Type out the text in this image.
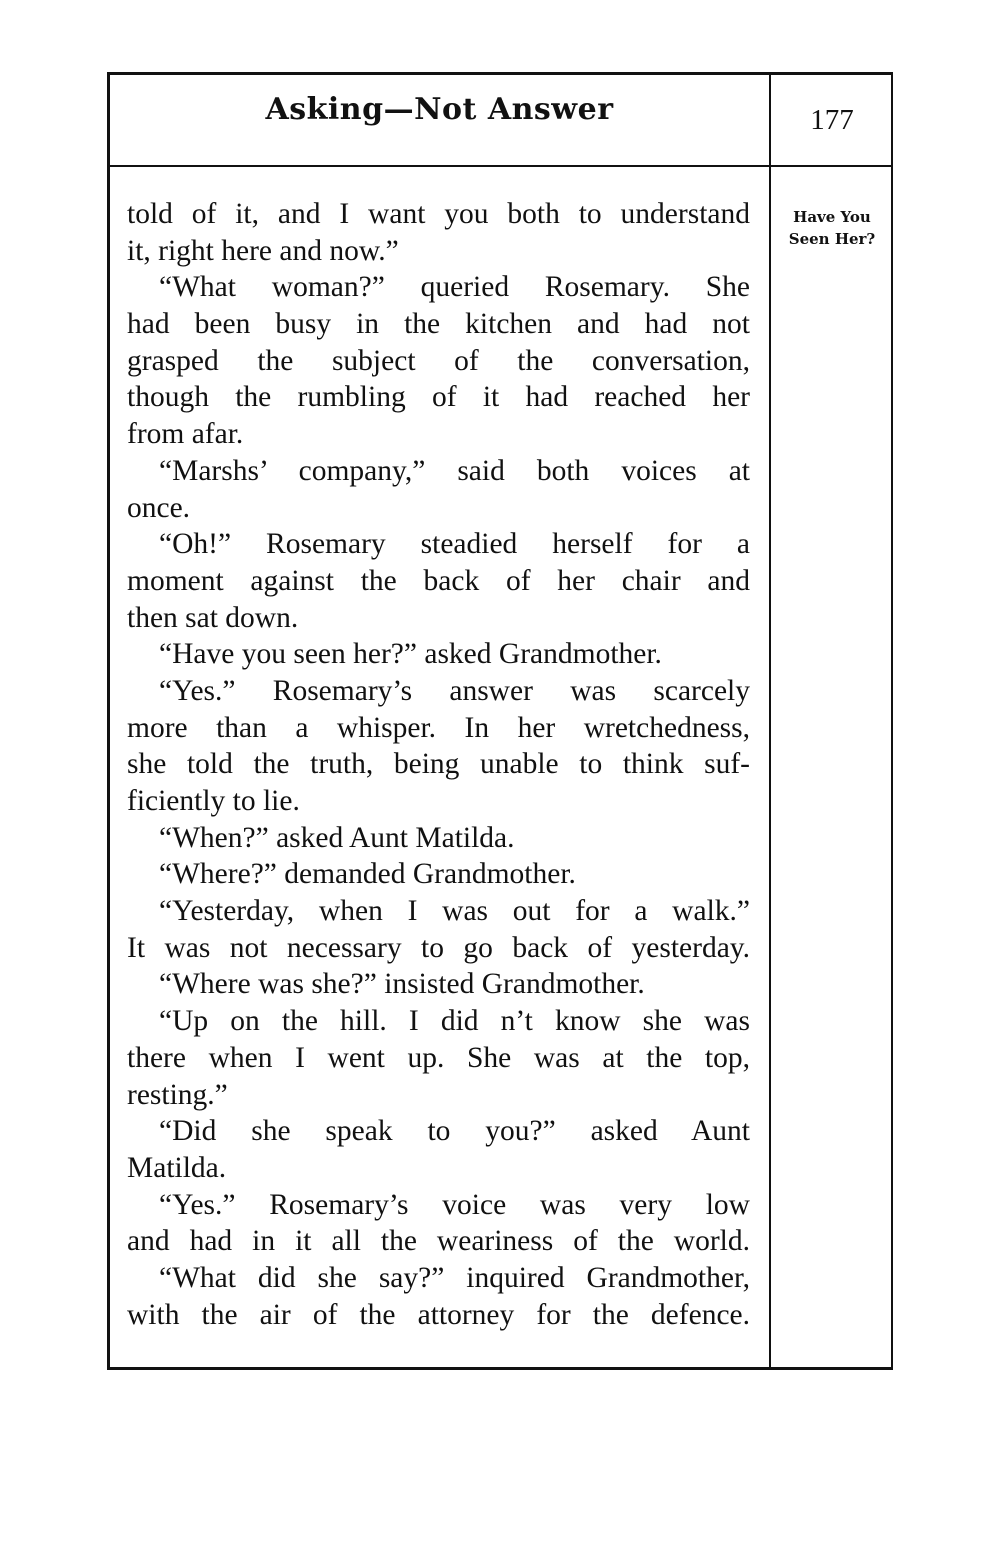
Asking—Not Answer	177
Have You
Seen Her?
told of it, and I want you both to understand
it, right here and now.”
“What woman?” queried Rosemary. She
had been busy in the kitchen and had not
grasped the subject of the conversation,
though the rumbling of it had reached her
from afar.
“Marshs’ company,” said both voices at
once.
“Oh!” Rosemary steadied herself for a
moment against the back of her chair and
then sat down.
“Have you seen her?” asked Grandmother.
“Yes.” Rosemary’s answer was scarcely
more than a whisper. In her wretchedness,
she told the truth, being unable to think suf-
ficiently to lie.
“When?” asked Aunt Matilda.
“Where?” demanded Grandmother.
“Yesterday, when I was out for a walk.”
It was not necessary to go back of yesterday.
“Where was she?” insisted Grandmother.
“Up on the hill. I did n’t know she was
there when I went up. She was at the top,
resting.”
“Did she speak to you?” asked Aunt
Matilda.
“Yes.” Rosemary’s voice was very low
and had in it all the weariness of the world.
“What did she say?” inquired Grandmother,
with the air of the attorney for the defence.
